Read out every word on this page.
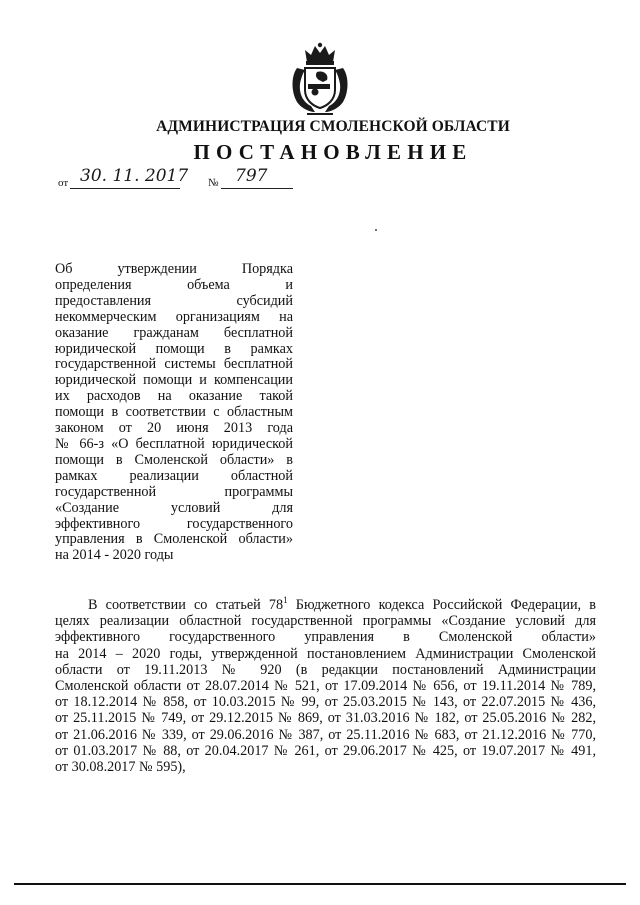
АДМИНИСТРАЦИЯ СМОЛЕНСКОЙ ОБЛАСТИ
ПОСТАНОВЛЕНИЕ
от 30. 11. 2017 № 797
Об утверждении Порядка
определения объема и
предоставления субсидий
некоммерческим организациям на
оказание гражданам бесплатной
юридической помощи в рамках
государственной системы бесплатной
юридической помощи и компенсации
их расходов на оказание такой
помощи в соответствии с областным
законом от 20 июня 2013 года
№ 66-з «О бесплатной юридической
помощи в Смоленской области» в
рамках реализации областной
государственной программы
«Создание условий для
эффективного государственного
управления в Смоленской области»
на 2014 - 2020 годы
В соответствии со статьей $78^1$ Бюджетного кодекса Российской Федерации, в
целях реализации областной государственной программы «Создание условий для
эффективного государственного управления в Смоленской области»
на 2014 – 2020 годы, утвержденной постановлением Администрации Смоленской
области от 19.11.2013 № 920 (в редакции постановлений Администрации
Смоленской области от 28.07.2014 № 521, от 17.09.2014 № 656, от 19.11.2014 № 789,
от 18.12.2014 № 858, от 10.03.2015 № 99, от 25.03.2015 № 143, от 22.07.2015 № 436,
от 25.11.2015 № 749, от 29.12.2015 № 869, от 31.03.2016 № 182, от 25.05.2016 № 282,
от 21.06.2016 № 339, от 29.06.2016 № 387, от 25.11.2016 № 683, от 21.12.2016 № 770,
от 01.03.2017 № 88, от 20.04.2017 № 261, от 29.06.2017 № 425, от 19.07.2017 № 491,
от 30.08.2017 № 595),
